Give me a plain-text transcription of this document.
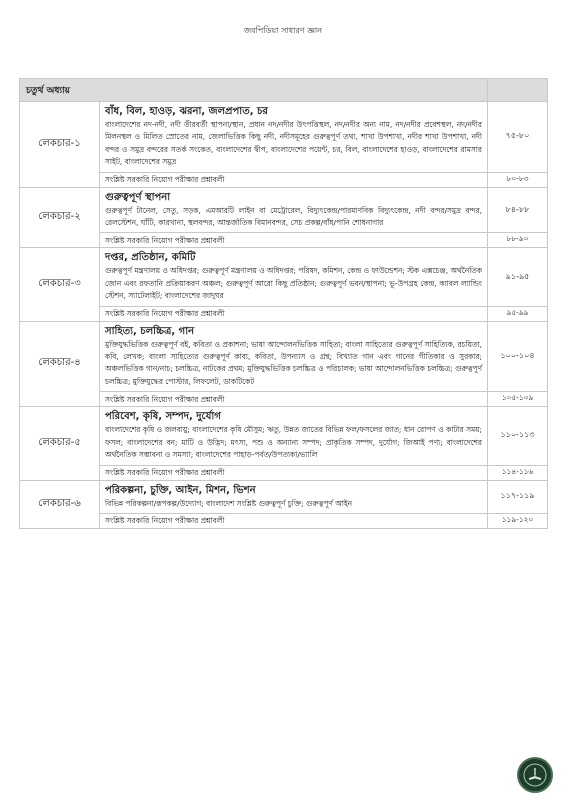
জবপিডিয়া সাধারণ জ্ঞান
চতুর্থ অধ্যায়		
লেকচার-১	বাঁধ, বিল, হাওড়, ঝরনা, জলপ্রপাত, চর
বাংলাদেশের নদ-নদী, নদী তীরবর্তী স্থাপনা/স্থান, প্রধান নদ/নদীর উৎপত্তিস্থল, নদ/নদীর অন্য নাম, নদ/নদীর প্রবেশস্থল, নদ/নদীর মিলনস্থল ও মিলিত স্রোতের নাম, জেলাভিত্তিক কিছু নদী, নদীসমূহের গুরুত্বপূর্ণ তথ্য, শাখা উপশাখা, নদীর শাখা উপশাখা, নদী বন্দর ও সমুদ্র বন্দরের সতর্ক সংকেত, বাংলাদেশের দ্বীপ, বাংলাদেশের পয়েন্ট, চর, বিল, বাংলাদেশের হাওড়, বাংলাদেশের রামসার সাইট, বাংলাদেশের সমুদ্র	৭৫-৮০
	সংশ্লিষ্ট সরকারি নিয়োগ পরীক্ষার প্রশ্নাবলী	৮০-৮৩
লেকচার-২	গুরুত্বপূর্ণ স্থাপনা
গুরুত্বপূর্ণ টানেল, সেতু, সড়ক, এমআরটি লাইন বা মেট্রোরেল, বিদ্যুৎকেন্দ্র/পারমাণবিক বিদ্যুৎকেন্দ্র, নদী বন্দর/সমুদ্র বন্দর, রেলস্টেশন, ঘাঁটি, কারখানা, স্থলবন্দর, আন্তর্জাতিক বিমানবন্দর, সেচ প্রকল্প/বাঁধ/পানি শোধনাগার	৮৪-৮৮
	সংশ্লিষ্ট সরকারি নিয়োগ পরীক্ষার প্রশ্নাবলী	৮৮-৯০
লেকচার-৩	দপ্তর, প্রতিষ্ঠান, কমিটি
গুরুত্বপূর্ণ মন্ত্রণালয় ও অধিদপ্তর; গুরুত্বপূর্ণ মন্ত্রণালয় ও অধিদপ্তর; পরিষদ, কমিশন, কেন্দ্র ও ফাউন্ডেশন; স্টক এক্সচেঞ্জ, অর্থনৈতিক জোন এবং রফতানি প্রক্রিয়াকরণ অঞ্চল; গুরুত্বপূর্ণ আরো কিছু প্রতিষ্ঠান; গুরুত্বপূর্ণ ভবন/স্থাপনা; ভূ-উপগ্রহ কেন্দ্র, ক্যাবল ল্যান্ডিং স্টেশন, স্যাটেলাইট; বাংলাদেশের জাদুঘর	৯১-৯৫
	সংশ্লিষ্ট সরকারি নিয়োগ পরীক্ষার প্রশ্নাবলী	৯৫-৯৯
লেকচার-৪	সাহিত্য, চলচ্চিত্র, গান
মুক্তিযুদ্ধভিত্তিক গুরুত্বপূর্ণ বই, কবিতা ও প্রকাশনা; ভাষা আন্দোলনভিত্তিক সাহিত্য; বাংলা সাহিত্যের গুরুত্বপূর্ণ সাহিত্যিক, রচয়িতা, কবি, লেখক; বাংলা সাহিত্যের গুরুত্বপূর্ণ কাব্য, কবিতা, উপন্যাস ও গ্রন্থ; বিখ্যাত গান এবং গানের গীতিকার ও সুরকার; অঞ্চলভিত্তিক গান/নাচ; চলচ্চিত্র, নাটকের প্রথম; মুক্তিযুদ্ধভিত্তিক চলচ্চিত্র ও পরিচালক; ভাষা আন্দোলনভিত্তিক চলচ্চিত্র; গুরুত্বপূর্ণ চলচ্চিত্র; মুক্তিযুদ্ধের পোস্টার, লিফলেট, ডাকটিকেট	১০০-১০৪
	সংশ্লিষ্ট সরকারি নিয়োগ পরীক্ষার প্রশ্নাবলী	১০৫-১০৯
লেকচার-৫	পরিবেশ, কৃষি, সম্পদ, দুর্যোগ
বাংলাদেশের কৃষি ও জলবায়ু; বাংলাদেশের কৃষি মৌসুম; ঋতু, উন্নত জাতের বিভিন্ন ফল/ফসলের জাত; ধান রোপণ ও কাটার সময়; ফসল; বাংলাদেশের বন; মাটি ও উদ্ভিদ; মৎস্য, পশু ও অন্যান্য সম্পদ; প্রাকৃতিক সম্পদ, দুর্যোগ; জিআই পণ্য; বাংলাদেশের অর্থনৈতিক সম্ভাবনা ও সমস্যা; বাংলাদেশের পাহাড়-পর্বত/উপত্যকা/ভ্যালি	১১০-১১৩
	সংশ্লিষ্ট সরকারি নিয়োগ পরীক্ষার প্রশ্নাবলী	১১৪-১১৬
লেকচার-৬	পরিকল্পনা, চুক্তি, আইন, মিশন, ভিশন
বিভিন্ন পরিকল্পনা/রূপকল্প/উদ্যোগ; বাংলাদেশ সংশ্লিষ্ট গুরুত্বপূর্ণ চুক্তি; গুরুত্বপূর্ণ আইন	১১৭-১১৯
	সংশ্লিষ্ট সরকারি নিয়োগ পরীক্ষার প্রশ্নাবলী	১১৯-১২০
